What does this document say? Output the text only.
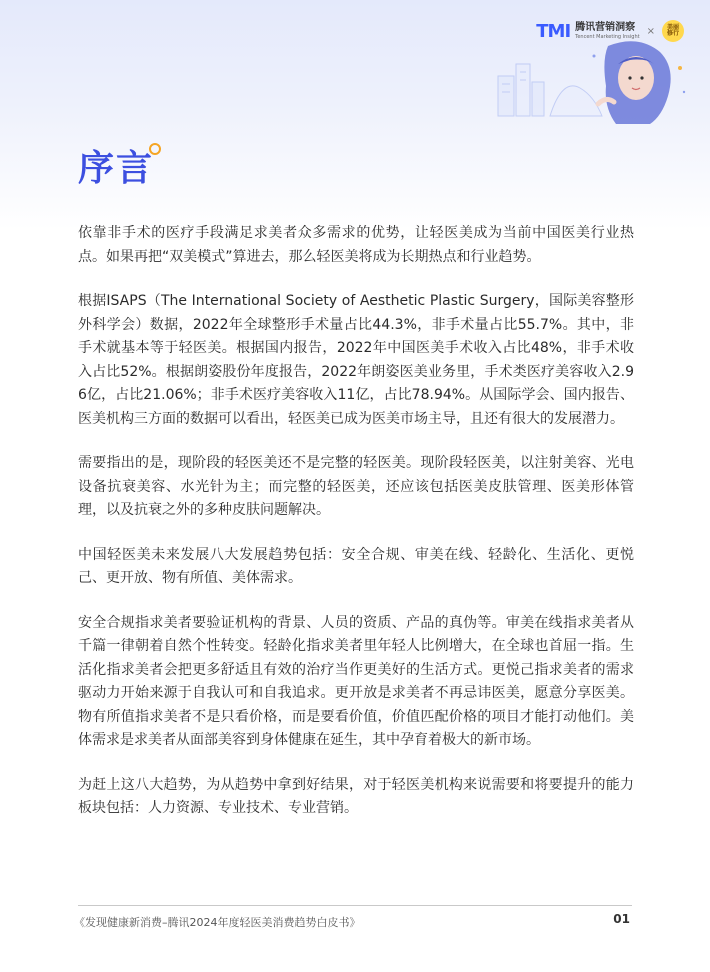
TMI 腾讯营销洞察
Tencent Marketing Insight × 美丽
修行
序言

依靠非手术的医疗手段满足求美者众多需求的优势，让轻医美成为当前中国医美行业热点。如果再把“双美模式”算进去，那么轻医美将成为长期热点和行业趋势。

根据ISAPS（The International Society of Aesthetic Plastic Surgery，国际美容整形外科学会）数据，2022年全球整形手术量占比44.3%，非手术量占比55.7%。其中，非手术就基本等于轻医美。根据国内报告，2022年中国医美手术收入占比48%，非手术收入占比52%。根据朗姿股份年度报告，2022年朗姿医美业务里，手术类医疗美容收入2.96亿，占比21.06%；非手术医疗美容收入11亿，占比78.94%。从国际学会、国内报告、医美机构三方面的数据可以看出，轻医美已成为医美市场主导，且还有很大的发展潜力。

需要指出的是，现阶段的轻医美还不是完整的轻医美。现阶段轻医美，以注射美容、光电设备抗衰美容、水光针为主；而完整的轻医美，还应该包括医美皮肤管理、医美形体管理，以及抗衰之外的多种皮肤问题解决。

中国轻医美未来发展八大发展趋势包括：安全合规、审美在线、轻龄化、生活化、更悦己、更开放、物有所值、美体需求。

安全合规指求美者要验证机构的背景、人员的资质、产品的真伪等。审美在线指求美者从千篇一律朝着自然个性转变。轻龄化指求美者里年轻人比例增大，在全球也首屈一指。生活化指求美者会把更多舒适且有效的治疗当作更美好的生活方式。更悦己指求美者的需求驱动力开始来源于自我认可和自我追求。更开放是求美者不再忌讳医美，愿意分享医美。物有所值指求美者不是只看价格，而是要看价值，价值匹配价格的项目才能打动他们。美体需求是求美者从面部美容到身体健康在延生，其中孕育着极大的新市场。

为赶上这八大趋势，为从趋势中拿到好结果，对于轻医美机构来说需要和将要提升的能力板块包括：人力资源、专业技术、专业营销。

《发现健康新消费–腾讯2024年度轻医美消费趋势白皮书》	01
